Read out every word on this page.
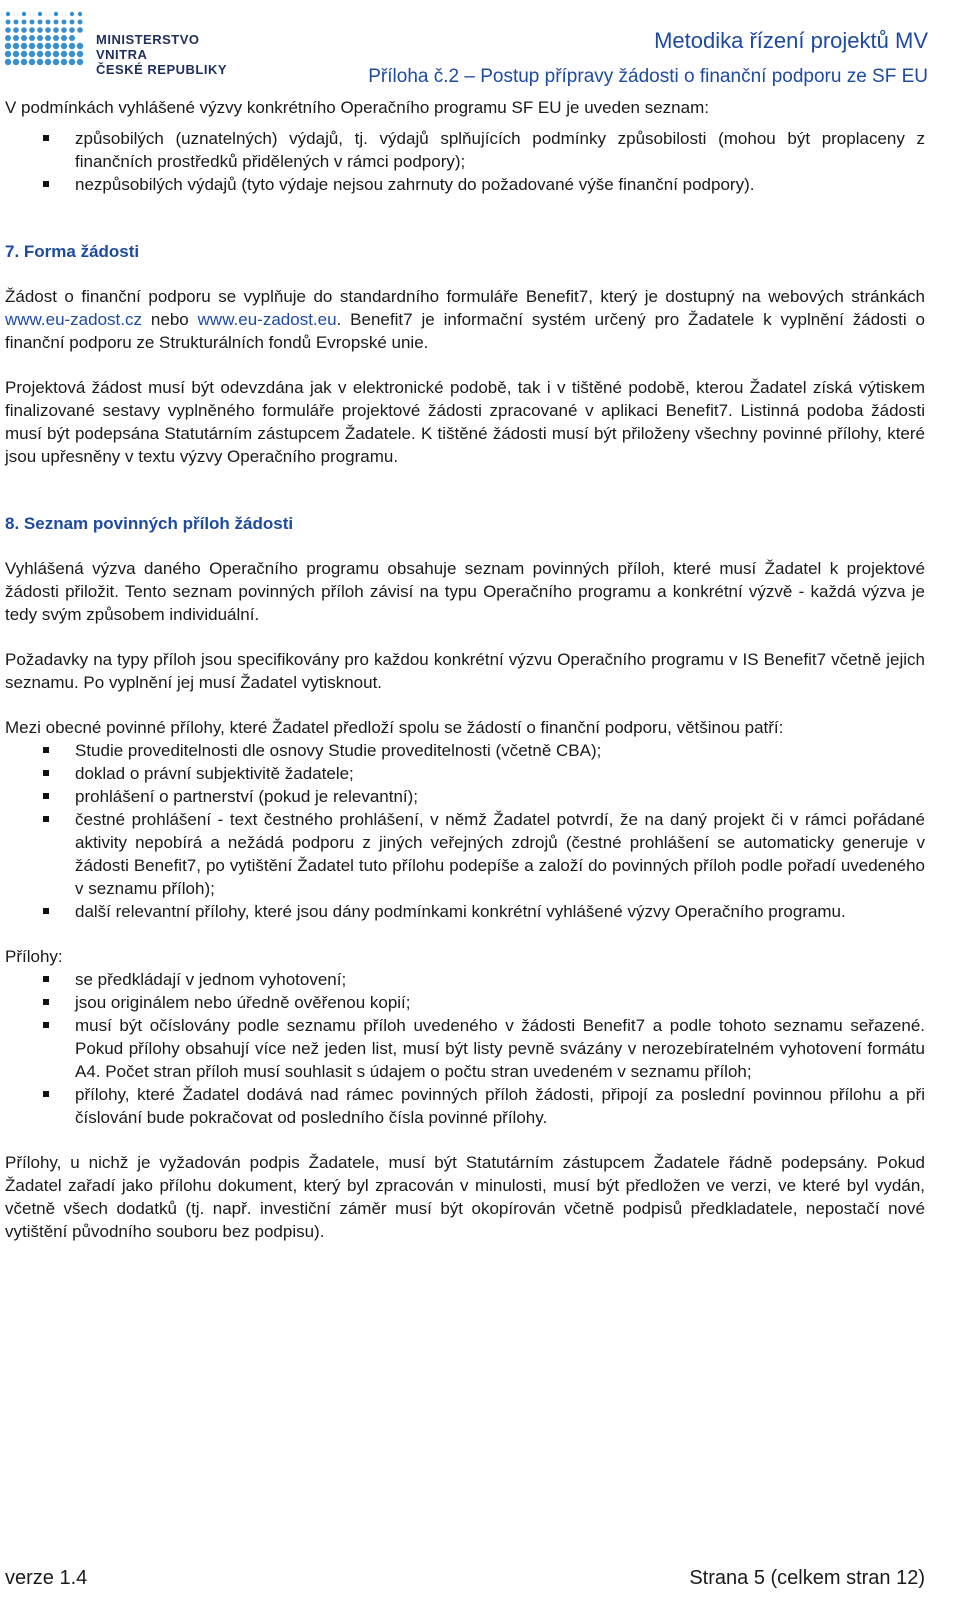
MINISTERSTVO VNITRA
ČESKÉ REPUBLIKY
Metodika řízení projektů MV
Příloha č.2 – Postup přípravy žádosti o finanční podporu ze SF EU

V podmínkách vyhlášené výzvy konkrétního Operačního programu SF EU je uveden seznam:

způsobilých (uznatelných) výdajů, tj. výdajů splňujících podmínky způsobilosti (mohou být proplaceny z finančních prostředků přidělených v rámci podpory);
nezpůsobilých výdajů (tyto výdaje nejsou zahrnuty do požadované výše finanční podpory).
7. Forma žádosti

Žádost o finanční podporu se vyplňuje do standardního formuláře Benefit7, který je dostupný na webových stránkách www.eu-zadost.cz nebo www.eu-zadost.eu. Benefit7 je informační systém určený pro Žadatele k vyplnění žádosti o finanční podporu ze Strukturálních fondů Evropské unie.

Projektová žádost musí být odevzdána jak v elektronické podobě, tak i v tištěné podobě, kterou Žadatel získá výtiskem finalizované sestavy vyplněného formuláře projektové žádosti zpracované v aplikaci Benefit7. Listinná podoba žádosti musí být podepsána Statutárním zástupcem Žadatele. K tištěné žádosti musí být přiloženy všechny povinné přílohy, které jsou upřesněny v textu výzvy Operačního programu.

8. Seznam povinných příloh žádosti

Vyhlášená výzva daného Operačního programu obsahuje seznam povinných příloh, které musí Žadatel k projektové žádosti přiložit. Tento seznam povinných příloh závisí na typu Operačního programu a konkrétní výzvě - každá výzva je tedy svým způsobem individuální.

Požadavky na typy příloh jsou specifikovány pro každou konkrétní výzvu Operačního programu v IS Benefit7 včetně jejich seznamu. Po vyplnění jej musí Žadatel vytisknout.

Mezi obecné povinné přílohy, které Žadatel předloží spolu se žádostí o finanční podporu, většinou patří:

Studie proveditelnosti dle osnovy Studie proveditelnosti (včetně CBA);
doklad o právní subjektivitě žadatele;
prohlášení o partnerství (pokud je relevantní);
čestné prohlášení - text čestného prohlášení, v němž Žadatel potvrdí, že na daný projekt či v rámci pořádané aktivity nepobírá a nežádá podporu z jiných veřejných zdrojů (čestné prohlášení se automaticky generuje v žádosti Benefit7, po vytištění Žadatel tuto přílohu podepíše a založí do povinných příloh podle pořadí uvedeného v seznamu příloh);
další relevantní přílohy, které jsou dány podmínkami konkrétní vyhlášené výzvy Operačního programu.

Přílohy:

se předkládají v jednom vyhotovení;
jsou originálem nebo úředně ověřenou kopií;
musí být očíslovány podle seznamu příloh uvedeného v žádosti Benefit7 a podle tohoto seznamu seřazené. Pokud přílohy obsahují více než jeden list, musí být listy pevně svázány v nerozebíratelném vyhotovení formátu A4. Počet stran příloh musí souhlasit s údajem o počtu stran uvedeném v seznamu příloh;
přílohy, které Žadatel dodává nad rámec povinných příloh žádosti, připojí za poslední povinnou přílohu a při číslování bude pokračovat od posledního čísla povinné přílohy.

Přílohy, u nichž je vyžadován podpis Žadatele, musí být Statutárním zástupcem Žadatele řádně podepsány. Pokud Žadatel zařadí jako přílohu dokument, který byl zpracován v minulosti, musí být předložen ve verzi, ve které byl vydán, včetně všech dodatků (tj. např. investiční záměr musí být okopírován včetně podpisů předkladatele, nepostačí nové vytištění původního souboru bez podpisu).

verze 1.4	Strana 5 (celkem stran 12)
